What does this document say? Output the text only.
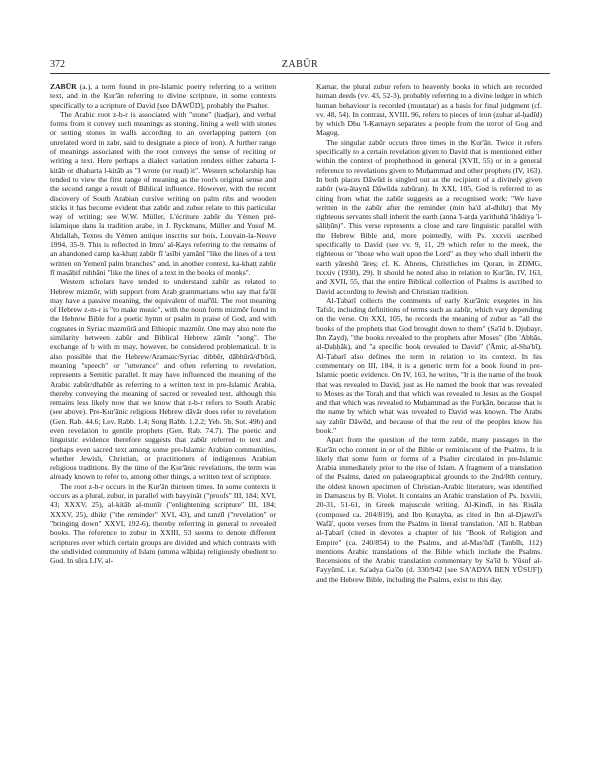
372	ZABŪR

ZABŪR (a.), a term found in pre-Islamic poetry referring to a written text, and in the Ḳur'ān referring to divine scripture, in some contexts specifically to a scripture of David [see DĀWŪD], probably the Psalter.

The Arabic root z-b-r is associated with "stone" (ḥadjar), and verbal forms from it convey such meanings as stoning, lining a well with stones or setting stones in walls according to an overlapping pattern (on unrelated word in zabr, said to designate a piece of iron). A further range of meanings associated with the root conveys the sense of reciting or writing a text. Here perhaps a dialect variation renders either zabarta l-kitāb or dhabarta l-kitāb as "I wrote (or read) it". Western scholarship has tended to view the first range of meaning as the root's original sense and the second range a result of Biblical influence. However, with the recent discovery of South Arabian cursive writing on palm ribs and wooden sticks it has become evident that zabūr and zubur relate to this particular way of writing; see W.W. Müller, L'écriture zabūr du Yémen pré-islamique dans la tradition arabe, in J. Ryckmans, Müller and Yusuf M. Abdallah, Textes du Yémen antique inscrits sur bois, Louvain-la-Neuve 1994, 35-9. This is reflected in Imru' al-Ḳays referring to the remains of an abandoned camp ka-khaṭṭ zabūr fī 'asībi yamānī "like the lines of a text written on Yemenī palm branches" and, in another context, ka-khaṭṭ zabūr fī maṣāḥif ruhbāni "like the lines of a text in the books of monks".

Western scholars have tended to understand zabūr as related to Hebrew mizmōr, with support from Arab grammarians who say that fa'ūl may have a passive meaning, the equivalent of maf'ūl. The root meaning of Hebrew z-m-r is "to make music", with the noun form mizmōr found in the Hebrew Bible for a poetic hymn or psalm in praise of God, and with cognates in Syriac mazmūrā and Ethiopic mazmūr. One may also note the similarity between zabūr and Biblical Hebrew zāmīr "song". The exchange of b with m may, however, be considered problematical. It is also possible that the Hebrew/Aramaic/Syriac dibbēr, dābhūrā/d'bōrā, meaning "speech" or "utterance" and often referring to revelation, represents a Semitic parallel. It may have influenced the meaning of the Arabic zabūr/dhabūr as referring to a written text in pre-Islamic Arabia, thereby conveying the meaning of sacred or revealed text, although this remains less likely now that we know that z-b-r refers to South Arabic (see above). Pre-Ḳur'ānic religious Hebrew dāvār does refer to revelation (Gen. Rab. 44.6; Lev. Rabb. 1.4; Song Rabb. 1.2.2; Yeb. 5b, Sot. 49b) and even revelation to gentile prophets (Gen. Rab. 74.7). The poetic and linguistic evidence therefore suggests that zabūr referred to text and perhaps even sacred text among some pre-Islamic Arabian communities, whether Jewish, Christian, or practitioners of indigenous Arabian religious traditions. By the time of the Ḳur'ānic revelations, the term was already known to refer to, among other things, a written text of scripture.

The root z-b-r occurs in the Ḳur'ān thirteen times. In some contexts it occurs as a plural, zubur, in parallel with bayyināt ("proofs" III, 184; XVI, 43; XXXV, 25), al-kitāb al-munīr ("enlightening scripture" III, 184; XXXV, 25), dhikr ("the reminder" XVI, 43), and tanzīl ("revelation" or "bringing down" XXVI, 192-6), thereby referring in general to revealed books. The reference to zubur in XXIII, 53 seems to denote different scriptures over which certain groups are divided and which contrasts with the undivided community of Islam (umma wāḥida) religiously obedient to God. In sūra LIV, al-

Ḳamar, the plural zubur refers to heavenly books in which are recorded human deeds (vv. 43, 52-3), probably referring to a divine ledger in which human behaviour is recorded (mustaṭar) as a basis for final judgment (cf. vv. 48, 54). In contrast, XVIII, 96, refers to pieces of iron (zubar al-ḥadīd) by which Dhu 'l-Ḳarnayn separates a people from the terror of Gog and Magog.

The singular zabūr occurs three times in the Ḳur'ān. Twice it refers specifically to a certain revelation given to David that is mentioned either within the context of prophethood in general (XVII, 55) or in a general reference to revelations given to Muḥammad and other prophets (IV, 163). In both places Dāwūd is singled out as the recipient of a divinely given zabūr (wa-ātaynā Dāwūda zabūran). In XXI, 105, God is referred to as citing from what the zabūr suggests as a recognised work: "We have written in the zabūr after the reminder (min ba'd al-dhikr) that My righteous servants shall inherit the earth (anna 'l-arḍa yarithuhā 'ibādiya 'l-ṣāliḥūn)". This verse represents a close and rare linguistic parallel with the Hebrew Bible and, more pointedly, with Ps. xxxvii ascribed specifically to David (see vv. 9, 11, 29 which refer to the meek, the righteous or "those who wait upon the Lord" as they who shall inherit the earth yāreshū 'āreṣ; cf. K. Ahrens, Christliches im Qoran, in ZDMG, lxxxiv (1930), 29). It should be noted also in relation to Ḳur'ān, IV, 163, and XVII, 55, that the entire Biblical collection of Psalms is ascribed to David according to Jewish and Christian tradition.

Al-Ṭabarī collects the comments of early Ḳur'ānic exegetes in his Tafsīr, including definitions of terms such as zabūr, which vary depending on the verse. On XXI, 105, he records the meaning of zubur as "all the books of the prophets that God brought down to them" (Sa'īd b. Djubayr, Ibn Zayd), "the books revealed to the prophets after Moses" (Ibn 'Abbās, al-Ḍaḥḥāk), and "a specific book revealed to David" ('Āmir, al-Sha'bī). Al-Ṭabarī also defines the term in relation to its context. In his commentary on III, 184, it is a generic term for a book found in pre-Islamic poetic evidence. On IV, 163, he writes, "It is the name of the book that was revealed to David, just as He named the book that was revealed to Moses as the Torah and that which was revealed to Jesus as the Gospel and that which was revealed to Muḥammad as the Furḳān, because that is the name by which what was revealed to David was known. The Arabs say zabūr Dāwūd, and because of that the rest of the peoples know his book."

Apart from the question of the term zabūr, many passages in the Ḳur'ān echo content in or of the Bible or reminiscent of the Psalms. It is likely that some form or forms of a Psalter circulated in pre-Islamic Arabia immediately prior to the rise of Islam. A fragment of a translation of the Psalms, dated on palaeographical grounds to the 2nd/8th century, the oldest known specimen of Christian-Arabic literature, was identified in Damascus by B. Violet. It contains an Arabic translation of Ps. lxxviii, 20-31, 51-61, in Greek majuscule writing. Al-Kindī, in his Risāla (composed ca. 204/819), and Ibn Ḳutayba, as cited in Ibn al-Djawzī's Wafā', quote verses from the Psalms in literal translation. 'Alī b. Rabban al-Ṭabarī (cited in devotes a chapter of his "Book of Religion and Empire" (ca. 240/854) to the Psalms, and al-Mas'ūdī (Tanbīh, 112) mentions Arabic translations of the Bible which include the Psalms. Recensions of the Arabic translation commentary by Sa'īd b. Yūsuf al-Fayyūmī, i.e. Sa'adya Ga'ōn (d. 330/942 [see SA'ADYA BEN YŪSUF]) and the Hebrew Bible, including the Psalms, exist to this day.
